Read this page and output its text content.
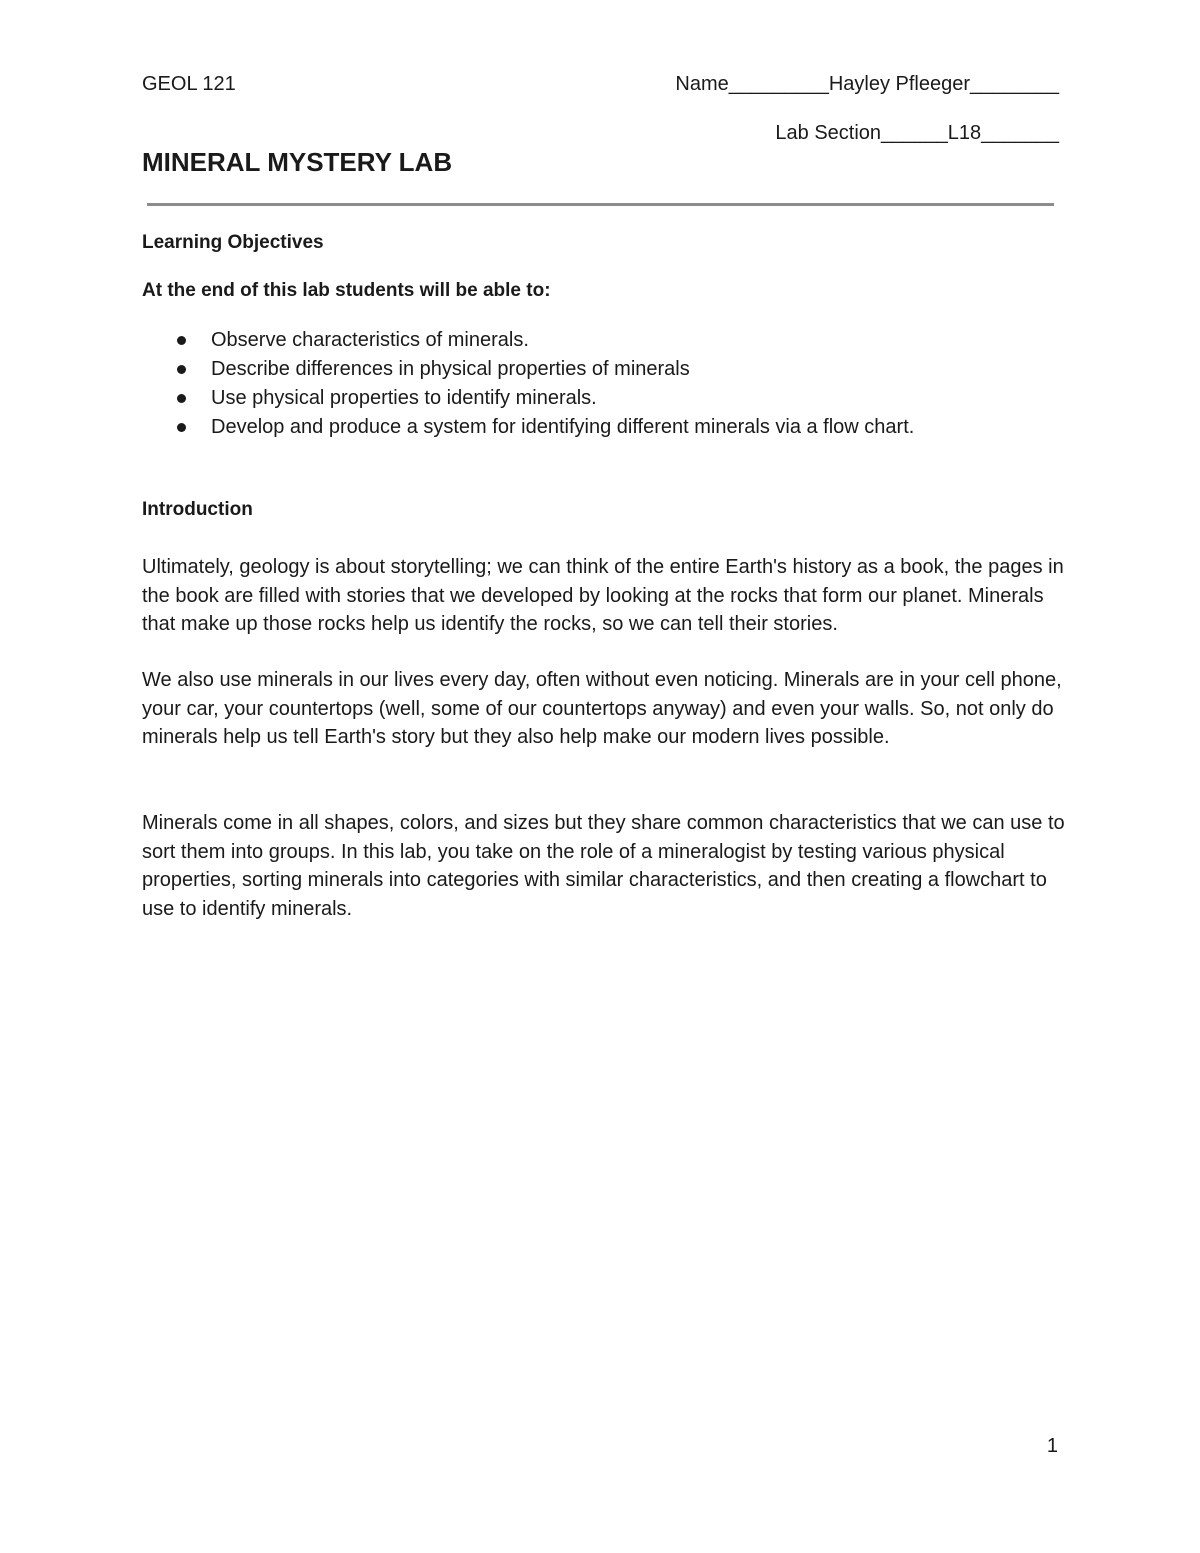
GEOL 121	Name_________Hayley Pfleeger________
Lab Section______L18_______
MINERAL MYSTERY LAB
Learning Objectives
At the end of this lab students will be able to:
Observe characteristics of minerals.
Describe differences in physical properties of minerals
Use physical properties to identify minerals.
Develop and produce a system for identifying different minerals via a flow chart.
Introduction

Ultimately, geology is about storytelling; we can think of the entire Earth's history as a book, the pages in the book are filled with stories that we developed by looking at the rocks that form our planet. Minerals that make up those rocks help us identify the rocks, so we can tell their stories.

We also use minerals in our lives every day, often without even noticing. Minerals are in your cell phone, your car, your countertops (well, some of our countertops anyway) and even your walls. So, not only do minerals help us tell Earth's story but they also help make our modern lives possible.

Minerals come in all shapes, colors, and sizes but they share common characteristics that we can use to sort them into groups. In this lab, you take on the role of a mineralogist by testing various physical properties, sorting minerals into categories with similar characteristics, and then creating a flowchart to use to identify minerals.

1
